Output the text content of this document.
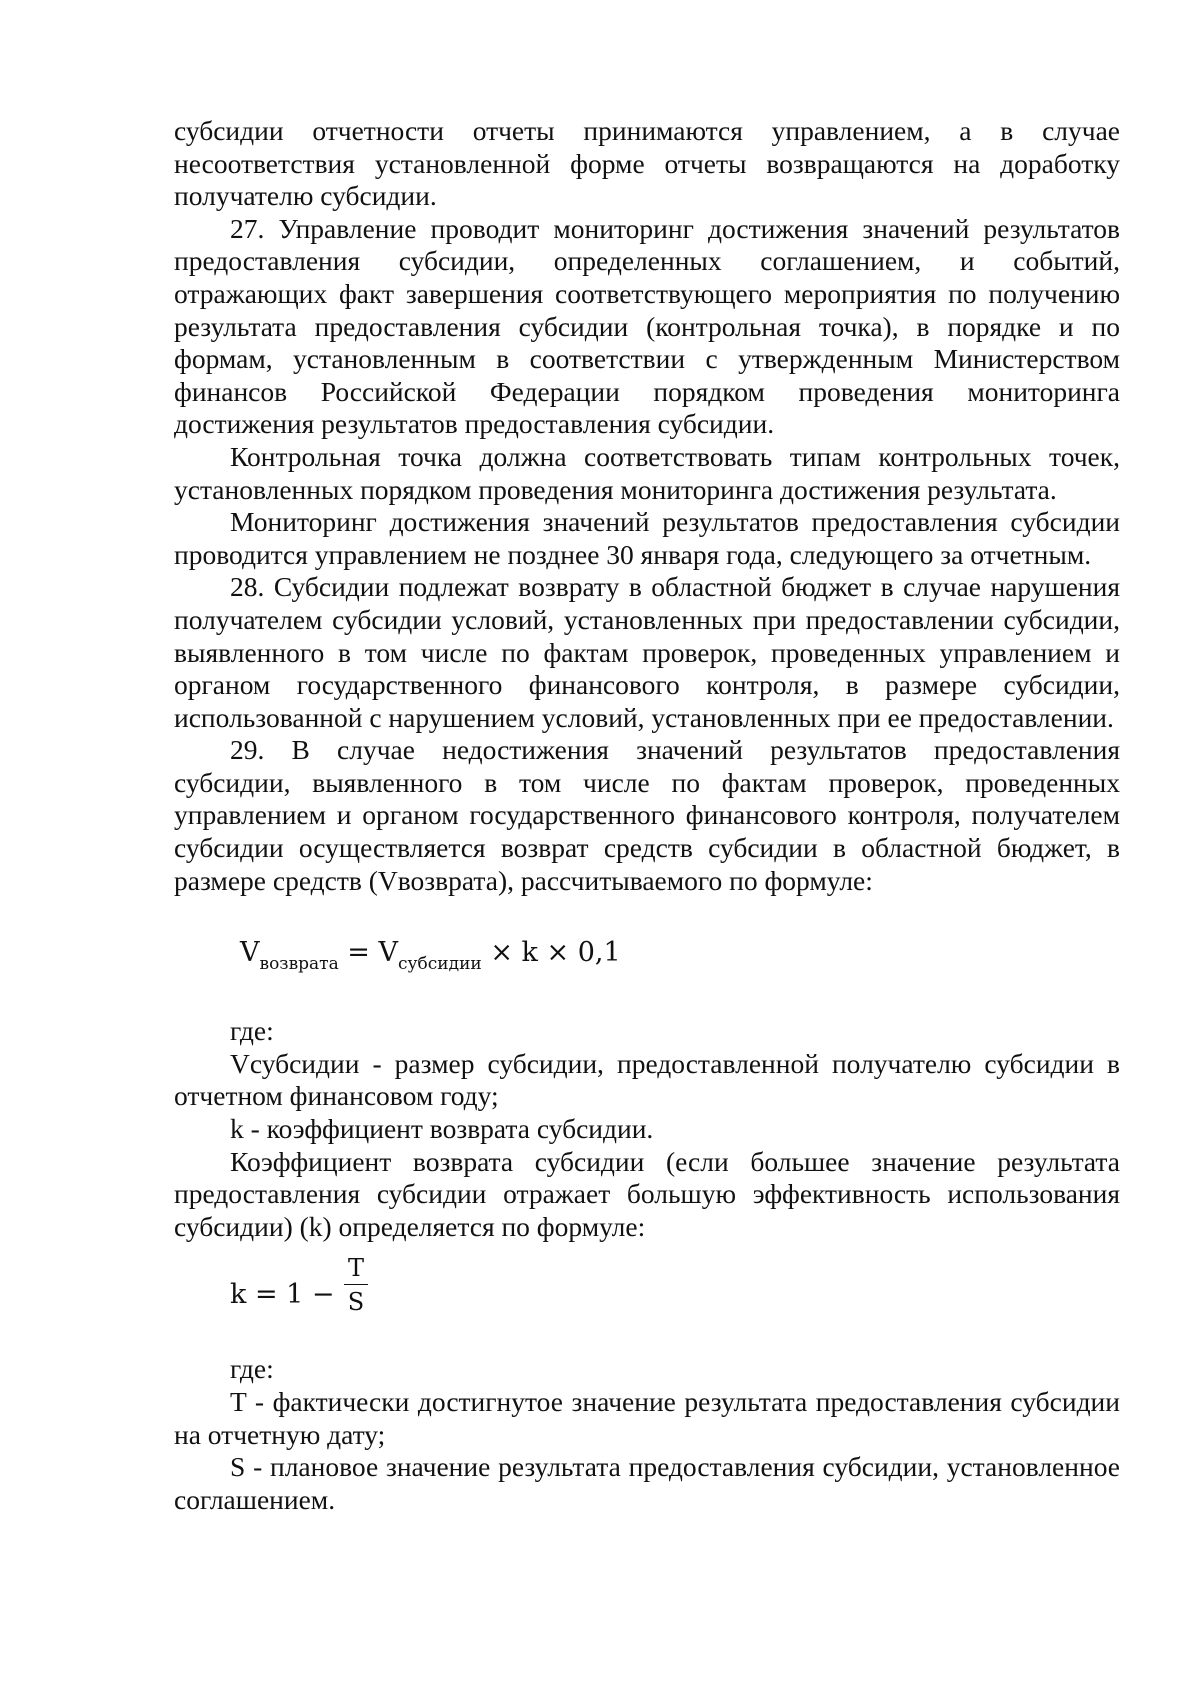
субсидии отчетности отчеты принимаются управлением, а в случае несоответствия установленной форме отчеты возвращаются на доработку получателю субсидии.

27. Управление проводит мониторинг достижения значений результатов предоставления субсидии, определенных соглашением, и событий, отражающих факт завершения соответствующего мероприятия по получению результата предоставления субсидии (контрольная точка), в порядке и по формам, установленным в соответствии с утвержденным Министерством финансов Российской Федерации порядком проведения мониторинга достижения результатов предоставления субсидии.

Контрольная точка должна соответствовать типам контрольных точек, установленных порядком проведения мониторинга достижения результата.

Мониторинг достижения значений результатов предоставления субсидии проводится управлением не позднее 30 января года, следующего за отчетным.

28. Субсидии подлежат возврату в областной бюджет в случае нарушения получателем субсидии условий, установленных при предоставлении субсидии, выявленного в том числе по фактам проверок, проведенных управлением и органом государственного финансового контроля, в размере субсидии, использованной с нарушением условий, установленных при ее предоставлении.

29. В случае недостижения значений результатов предоставления субсидии, выявленного в том числе по фактам проверок, проведенных управлением и органом государственного финансового контроля, получателем субсидии осуществляется возврат средств субсидии в областной бюджет, в размере средств (Vвозврата), рассчитываемого по формуле:

$V_{возврата} = V_{субсидии} \times k \times 0,1$

где:

Vсубсидии - размер субсидии, предоставленной получателю субсидии в отчетном финансовом году;

k - коэффициент возврата субсидии.

Коэффициент возврата субсидии (если большее значение результата предоставления субсидии отражает большую эффективность использования субсидии) (k) определяется по формуле:

k = 1 −
T
S

где:

T - фактически достигнутое значение результата предоставления субсидии на отчетную дату;

S - плановое значение результата предоставления субсидии, установленное соглашением.
